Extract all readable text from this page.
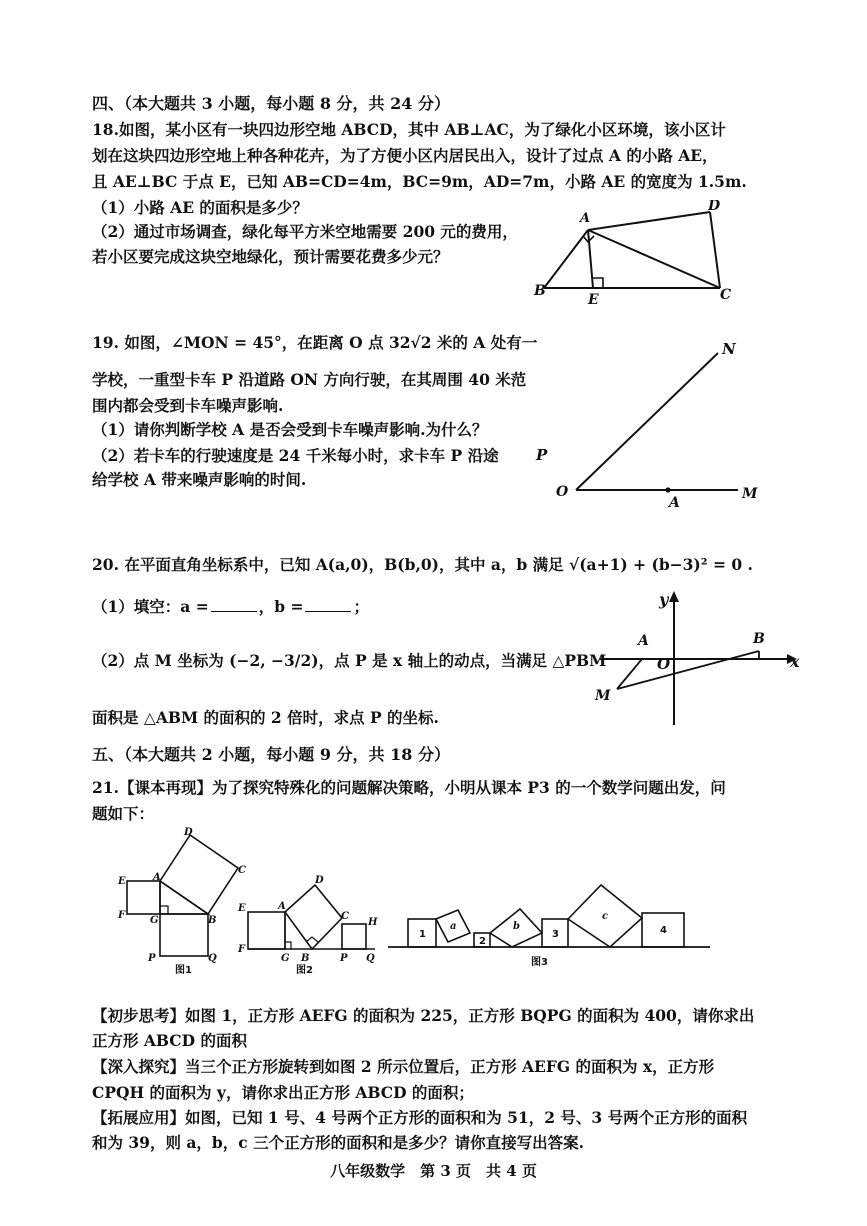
四、（本大题共 3 小题，每小题 8 分，共 24 分）
18.如图，某小区有一块四边形空地 ABCD，其中 AB⊥AC，为了绿化小区环境，该小区计
划在这块四边形空地上种各种花卉，为了方便小区内居民出入，设计了过点 A 的小路 AE，
且 AE⊥BC 于点 E，已知 AB=CD=4m，BC=9m，AD=7m，小路 AE 的宽度为 1.5m.
（1）小路 AE 的面积是多少？
（2）通过市场调查，绿化每平方米空地需要 200 元的费用，
若小区要完成这块空地绿化，预计需要花费多少元？
A
D
B	C
E
19. 如图，∠MON = 45°，在距离 O 点 32√2 米的 A 处有一
学校，一重型卡车 P 沿道路 ON 方向行驶，在其周围 40 米范
围内都会受到卡车噪声影响.
（1）请你判断学校 A 是否会受到卡车噪声影响.为什么？
（2）若卡车的行驶速度是 24 千米每小时，求卡车 P 沿途
给学校 A 带来噪声影响的时间.
N
P
O
A
M
20. 在平面直角坐标系中，已知 A(a,0)，B(b,0)，其中 a，b 满足 √(a+1) + (b−3)² = 0 .
（1）填空：a =	，b =	；
（2）点 M 坐标为 (−2, −3/2)，点 P 是 x 轴上的动点，当满足 △PBM
面积是 △ABM 的面积的 2 倍时，求点 P 的坐标.
y
x
A	B
O
M
五、（本大题共 2 小题，每小题 9 分，共 18 分）
21.【课本再现】为了探究特殊化的问题解决策略，小明从课本 P3 的一个数学问题出发，问
题如下：
D
C
E	A
F G	B
P	Q
图1
E	A
D
C
H
F
G B	P Q
图2
1
a
2
b
3
c
4
图3
【初步思考】如图 1，正方形 AEFG 的面积为 225，正方形 BQPG 的面积为 400，请你求出
正方形 ABCD 的面积
【深入探究】当三个正方形旋转到如图 2 所示位置后，正方形 AEFG 的面积为 x，正方形
CPQH 的面积为 y，请你求出正方形 ABCD 的面积；
【拓展应用】如图，已知 1 号、4 号两个正方形的面积和为 51，2 号、3 号两个正方形的面积
和为 39，则 a，b，c 三个正方形的面积和是多少？请你直接写出答案.
八年级数学　第 3 页　共 4 页
